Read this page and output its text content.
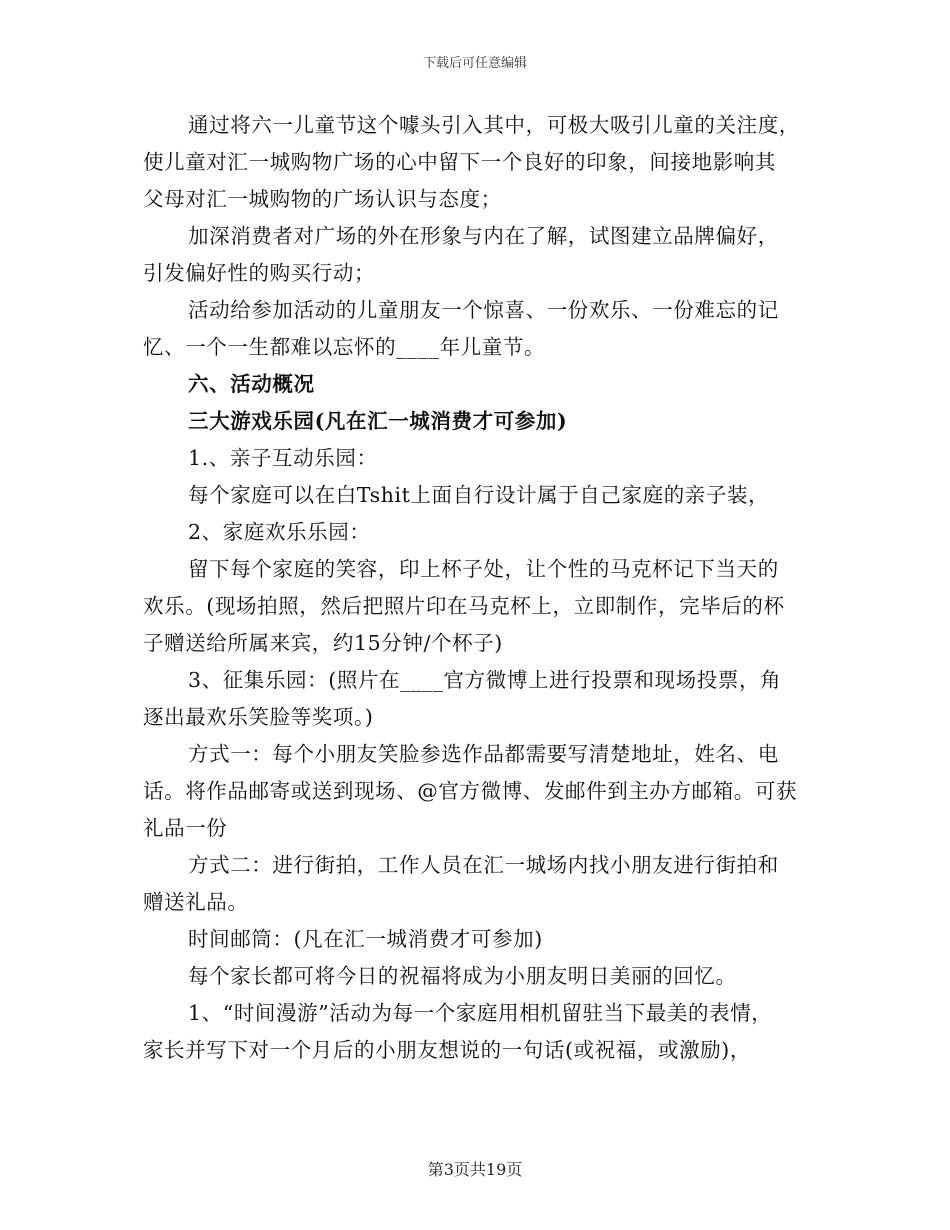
下载后可任意编辑

通过将六一儿童节这个噱头引入其中，可极大吸引儿童的关注度，

使儿童对汇一城购物广场的心中留下一个良好的印象，间接地影响其

父母对汇一城购物的广场认识与态度；

加深消费者对广场的外在形象与内在了解，试图建立品牌偏好，

引发偏好性的购买行动；

活动给参加活动的儿童朋友一个惊喜、一份欢乐、一份难忘的记

忆、一个一生都难以忘怀的____年儿童节。

六、活动概况

三大游戏乐园(凡在汇一城消费才可参加)

1.、亲子互动乐园：

每个家庭可以在白Tshit上面自行设计属于自己家庭的亲子装，

2、家庭欢乐乐园：

留下每个家庭的笑容，印上杯子处，让个性的马克杯记下当天的

欢乐。(现场拍照，然后把照片印在马克杯上，立即制作，完毕后的杯

子赠送给所属来宾，约15分钟/个杯子)

3、征集乐园：(照片在____官方微博上进行投票和现场投票，角

逐出最欢乐笑脸等奖项。)

方式一：每个小朋友笑脸参选作品都需要写清楚地址，姓名、电

话。将作品邮寄或送到现场、@官方微博、发邮件到主办方邮箱。可获

礼品一份

方式二：进行街拍，工作人员在汇一城场内找小朋友进行街拍和

赠送礼品。

时间邮筒：(凡在汇一城消费才可参加)

每个家长都可将今日的祝福将成为小朋友明日美丽的回忆。

1、“时间漫游”活动为每一个家庭用相机留驻当下最美的表情，

家长并写下对一个月后的小朋友想说的一句话(或祝福，或激励)，

第3页共19页
